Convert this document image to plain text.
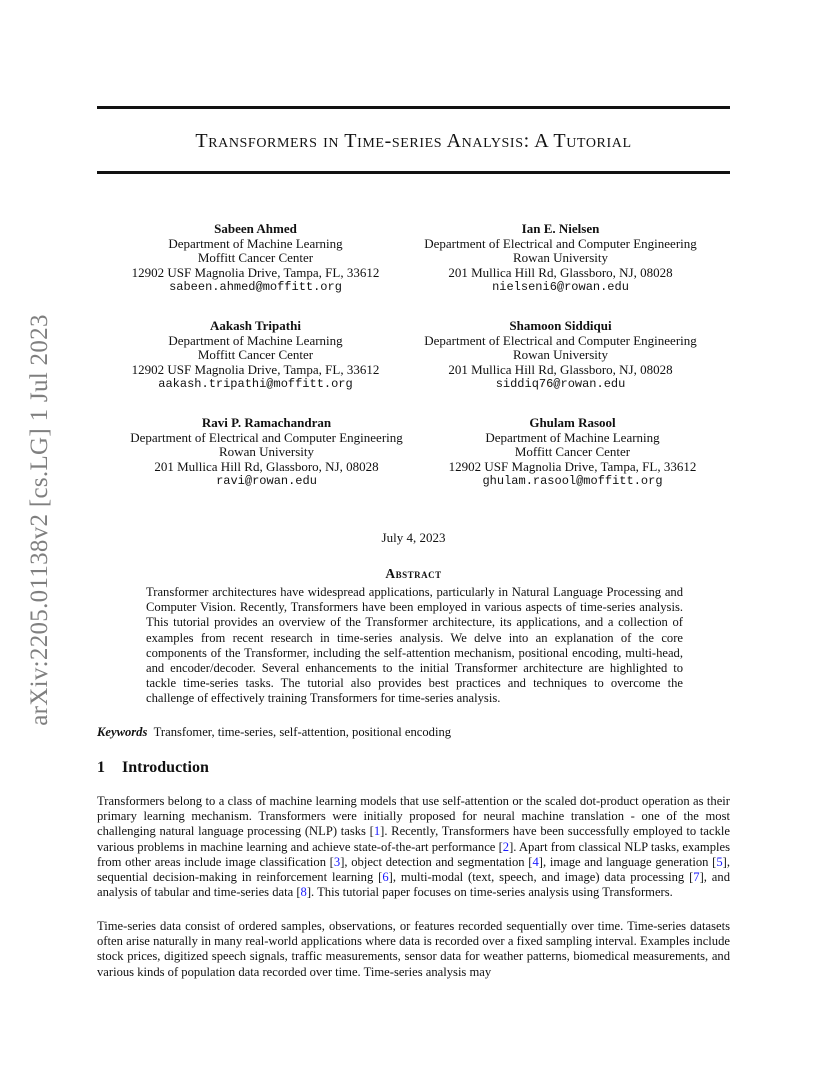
arXiv:2205.01138v2 [cs.LG] 1 Jul 2023
Transformers in Time-series Analysis: A Tutorial
Sabeen Ahmed
Department of Machine Learning
Moffitt Cancer Center
12902 USF Magnolia Drive, Tampa, FL, 33612
sabeen.ahmed@moffitt.org
Ian E. Nielsen
Department of Electrical and Computer Engineering
Rowan University
201 Mullica Hill Rd, Glassboro, NJ, 08028
nielseni6@rowan.edu
Aakash Tripathi
Department of Machine Learning
Moffitt Cancer Center
12902 USF Magnolia Drive, Tampa, FL, 33612
aakash.tripathi@moffitt.org
Shamoon Siddiqui
Department of Electrical and Computer Engineering
Rowan University
201 Mullica Hill Rd, Glassboro, NJ, 08028
siddiq76@rowan.edu
Ravi P. Ramachandran
Department of Electrical and Computer Engineering
Rowan University
201 Mullica Hill Rd, Glassboro, NJ, 08028
ravi@rowan.edu
Ghulam Rasool
Department of Machine Learning
Moffitt Cancer Center
12902 USF Magnolia Drive, Tampa, FL, 33612
ghulam.rasool@moffitt.org
July 4, 2023
Abstract

Transformer architectures have widespread applications, particularly in Natural Language Processing and Computer Vision. Recently, Transformers have been employed in various aspects of time-series analysis. This tutorial provides an overview of the Transformer architecture, its applications, and a collection of examples from recent research in time-series analysis. We delve into an explanation of the core components of the Transformer, including the self-attention mechanism, positional encoding, multi-head, and encoder/decoder. Several enhancements to the initial Transformer architecture are highlighted to tackle time-series tasks. The tutorial also provides best practices and techniques to overcome the challenge of effectively training Transformers for time-series analysis.

Keywords Transfomer, time-series, self-attention, positional encoding
1 Introduction

Transformers belong to a class of machine learning models that use self-attention or the scaled dot-product operation as their primary learning mechanism. Transformers were initially proposed for neural machine translation - one of the most challenging natural language processing (NLP) tasks [1]. Recently, Transformers have been successfully employed to tackle various problems in machine learning and achieve state-of-the-art performance [2]. Apart from classical NLP tasks, examples from other areas include image classification [3], object detection and segmentation [4], image and language generation [5], sequential decision-making in reinforcement learning [6], multi-modal (text, speech, and image) data processing [7], and analysis of tabular and time-series data [8]. This tutorial paper focuses on time-series analysis using Transformers.

Time-series data consist of ordered samples, observations, or features recorded sequentially over time. Time-series datasets often arise naturally in many real-world applications where data is recorded over a fixed sampling interval. Examples include stock prices, digitized speech signals, traffic measurements, sensor data for weather patterns, biomedical measurements, and various kinds of population data recorded over time. Time-series analysis may
